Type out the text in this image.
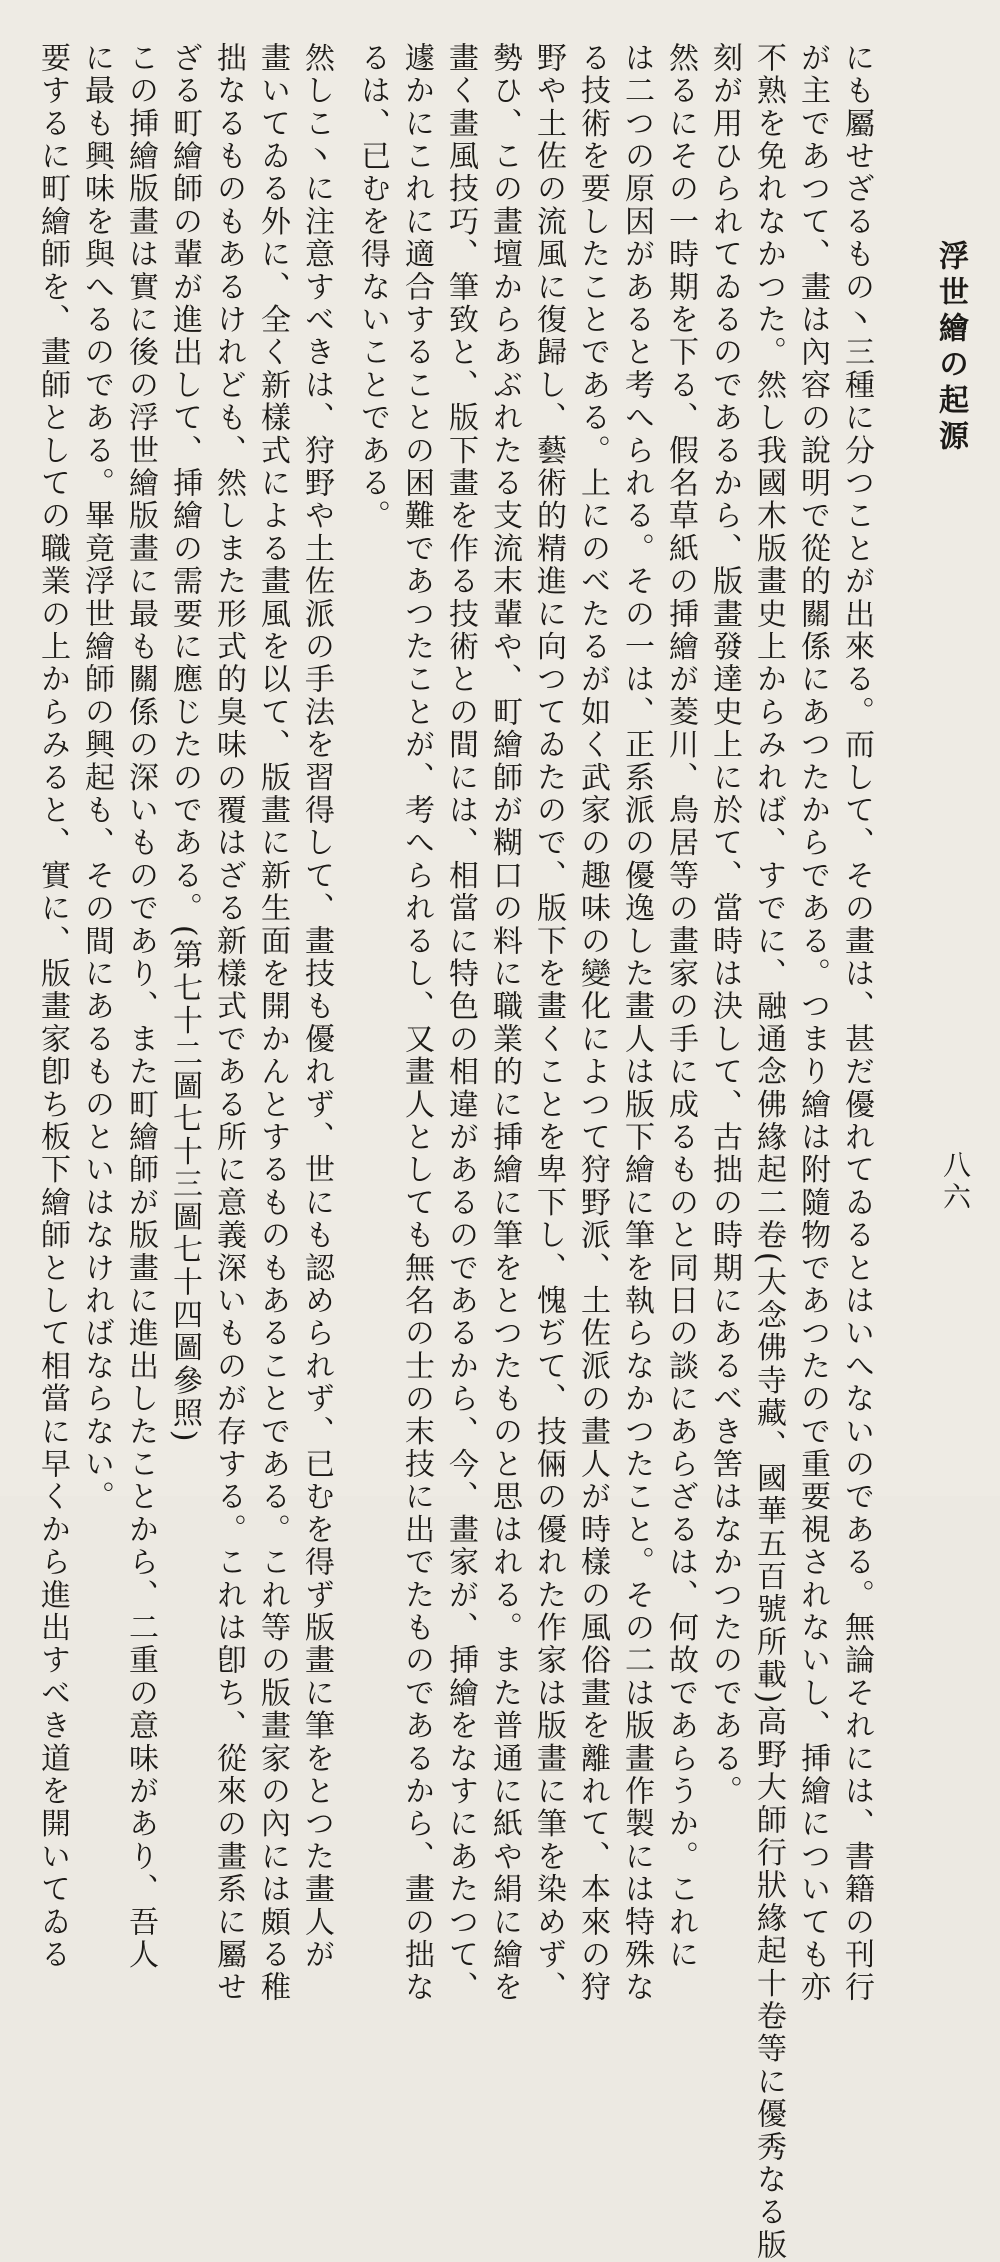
浮世繪の起源
八六
にも屬せざるもの丶三種に分つことが出來る。而して、その畫は、甚だ優れてゐるとはいへないのである。無論それには、書籍の刊行
が主であつて、畫は內容の說明で從的關係にあつたからである。つまり繪は附隨物であつたので重要視されないし、挿繪についても亦
不熟を免れなかつた。然し我國木版畫史上からみれば、すでに、融通念佛緣起二卷(大念佛寺藏、國華五百號所載)高野大師行狀緣起十卷等に優秀なる版
刻が用ひられてゐるのであるから、版畫發達史上に於て、當時は決して、古拙の時期にあるべき筈はなかつたのである。
然るにその一時期を下る、假名草紙の挿繪が菱川、鳥居等の畫家の手に成るものと同日の談にあらざるは、何故であらうか。これに
は二つの原因があると考へられる。その一は、正系派の優逸した畫人は版下繪に筆を執らなかつたこと。その二は版畫作製には特殊な
る技術を要したことである。上にのべたるが如く武家の趣味の變化によつて狩野派、土佐派の畫人が時樣の風俗畫を離れて、本來の狩
野や土佐の流風に復歸し、藝術的精進に向つてゐたので、版下を畫くことを卑下し、愧ぢて、技倆の優れた作家は版畫に筆を染めず、
勢ひ、この畫壇からあぶれたる支流末輩や、町繪師が糊口の料に職業的に挿繪に筆をとつたものと思はれる。また普通に紙や絹に繪を
畫く畫風技巧、筆致と、版下畫を作る技術との間には、相當に特色の相違があるのであるから、今、畫家が、挿繪をなすにあたつて、
遽かにこれに適合することの困難であつたことが、考へられるし、又畫人としても無名の士の末技に出でたものであるから、畫の拙な
るは、已むを得ないことである。
然しこ丶に注意すべきは、狩野や土佐派の手法を習得して、畫技も優れず、世にも認められず、已むを得ず版畫に筆をとつた畫人が
畫いてゐる外に、全く新樣式による畫風を以て、版畫に新生面を開かんとするものもあることである。これ等の版畫家の內には頗る稚
拙なるものもあるけれども、然しまた形式的臭味の覆はざる新樣式である所に意義深いものが存する。これは卽ち、從來の畫系に屬せ
ざる町繪師の輩が進出して、挿繪の需要に應じたのである。(第七十二圖七十三圖七十四圖參照)
この挿繪版畫は實に後の浮世繪版畫に最も關係の深いものであり、また町繪師が版畫に進出したことから、二重の意味があり、吾人
に最も興味を與へるのである。畢竟浮世繪師の興起も、その間にあるものといはなければならない。
要するに町繪師を、畫師としての職業の上からみると、實に、版畫家卽ち板下繪師として相當に早くから進出すべき道を開いてゐる
